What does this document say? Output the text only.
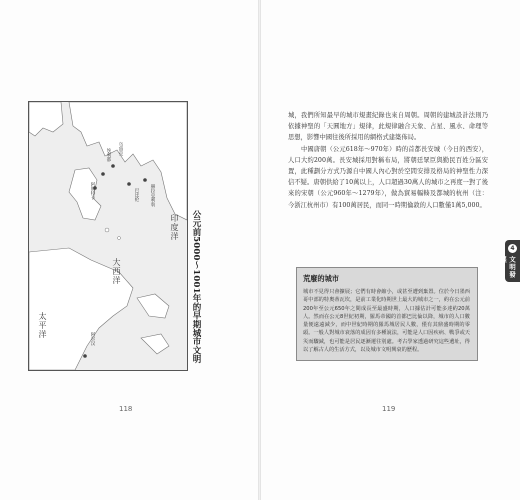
印度洋
大西洋
太平洋
阿斯特卡
埃利都 乌鲁克
巴比伦 赫拉克利翁
阿尔汉	公元前5000～1001年的早期城市文明
118

城，我們所知最早的城市規畫紀錄也來自周朝。周朝的建城設計法則乃依據神聖的「天圓地方」規律，此規律融合天象、占星、風水、命理等思想，影響中國往後所採用的網格式建築佈局。

中國唐朝（公元618年～970年）時的首都長安城（今日的西安），人口大約200萬。長安城採用對稱布局，將朝廷眾臣與勤民百姓分區安置，此種劃分方式乃源自中國人內心對於空間安排及格局的神聖性力深信不疑。唐朝供給了10萬以上，人口超過30萬人的城市之再度一對了後來的宋朝（公元960年～1279年），做為貿易輻輳及都城的杭州（注：今浙江杭州市）有100萬居民，而同一時期倫敦的人口數僅1萬5,000。

荒廢的城市

城市不見得只會擴展；它們有時會縮小，或甚至遭到棄置。位於今日墨西哥中部的特奧蒂瓦坎，是前工業化時期世上最大的城市之一，約在公元前200年至公元650年之間成長至最盛時期，人口據估計可能多達約20萬人。然而在公元8世紀初期，羅馬帝國的首都巴比倫以降，城市的人口數量便遠遠減少，而中世紀時期的羅馬城居民人數，僅有其鼎盛時期的零頭。一般人對城市衰落的成因有多種說法，可能是人口因疾病、戰爭或天災而驟減，也可能是居民逐漸遷往別處。考古學家透過研究這些遺址，得以了解古人的生活方式，以及城市文明興衰的歷程。

4
文明發展
119
